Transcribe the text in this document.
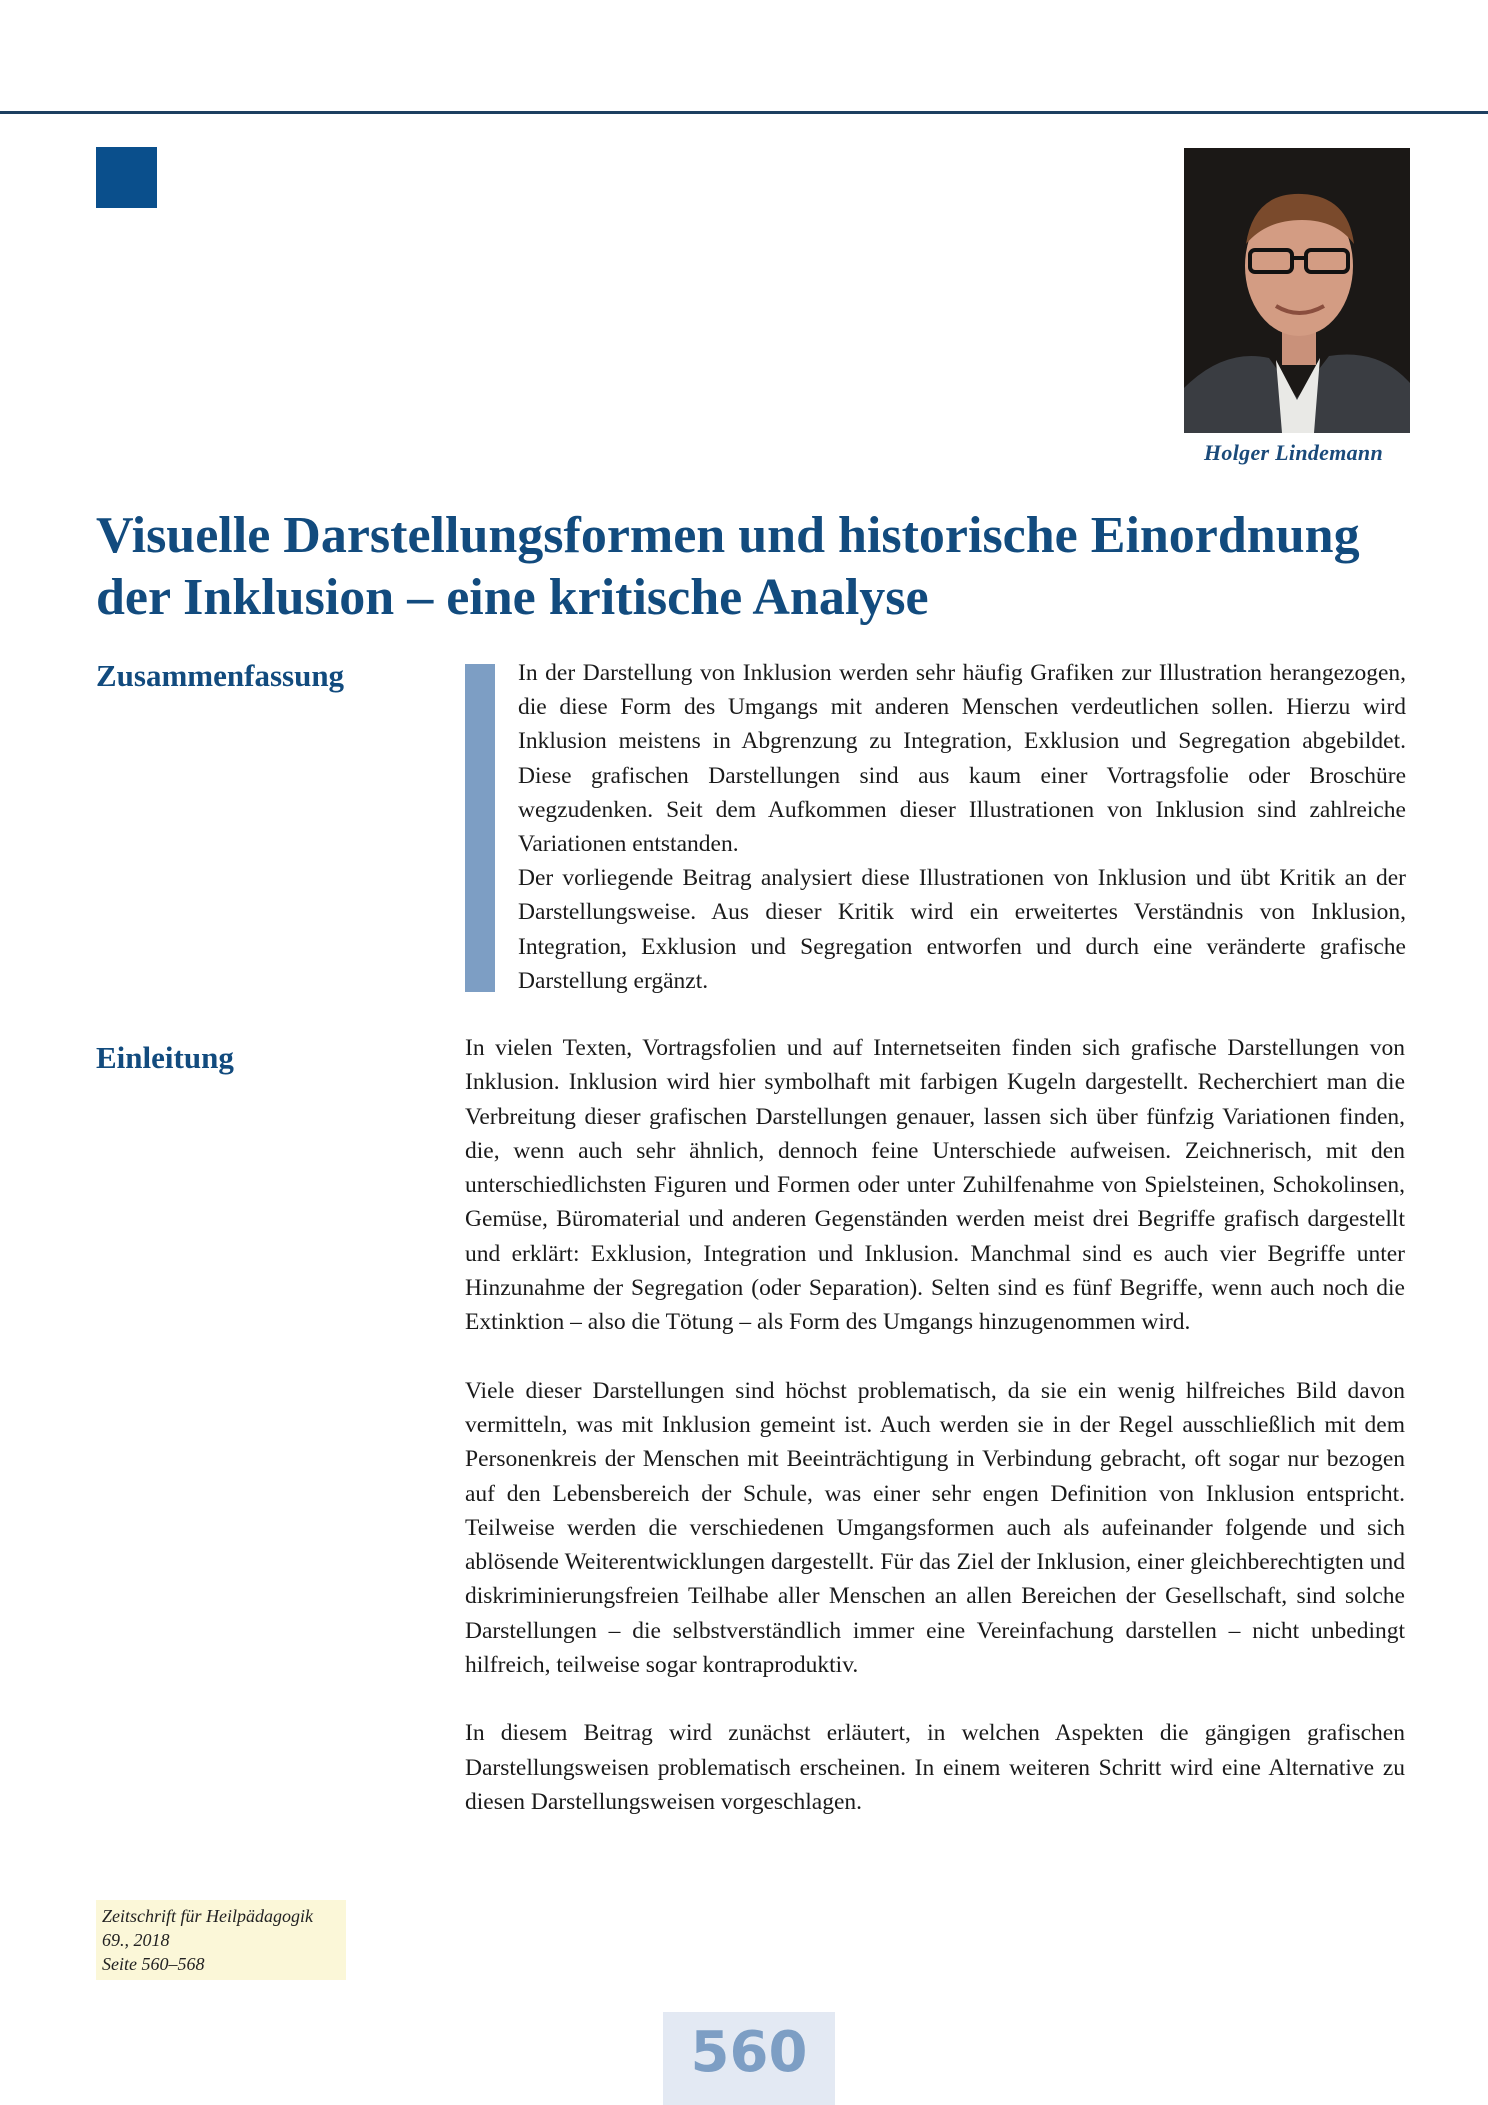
Holger Lindemann

Visuelle Darstellungsformen und historische Einordnung
der Inklusion – eine kritische Analyse
Zusammenfassung	In der Darstellung von Inklusion werden sehr häufig Grafiken zur Illustration herangezogen, die diese Form des Umgangs mit anderen Menschen verdeutlichen sollen. Hierzu wird Inklusion meistens in Abgrenzung zu Integration, Exklusion und Segregation abgebildet. Diese grafischen Darstellungen sind aus kaum einer Vortragsfolie oder Broschüre wegzudenken. Seit dem Aufkommen dieser Illustrationen von Inklusion sind zahlreiche Variationen entstanden.

Der vorliegende Beitrag analysiert diese Illustrationen von Inklusion und übt Kritik an der Darstellungsweise. Aus dieser Kritik wird ein erweitertes Verständnis von Inklusion, Integration, Exklusion und Segregation entworfen und durch eine veränderte grafische Darstellung ergänzt.

Einleitung	In vielen Texten, Vortragsfolien und auf Internetseiten finden sich grafische Darstellungen von Inklusion. Inklusion wird hier symbolhaft mit farbigen Kugeln dargestellt. Recherchiert man die Verbreitung dieser grafischen Darstellungen genauer, lassen sich über fünfzig Variationen finden, die, wenn auch sehr ähnlich, dennoch feine Unterschiede aufweisen. Zeichnerisch, mit den unterschiedlichsten Figuren und Formen oder unter Zuhilfenahme von Spielsteinen, Schokolinsen, Gemüse, Büromaterial und anderen Gegenständen werden meist drei Begriffe grafisch dargestellt und erklärt: Exklusion, Integration und Inklusion. Manchmal sind es auch vier Begriffe unter Hinzunahme der Segregation (oder Separation). Selten sind es fünf Begriffe, wenn auch noch die Extinktion – also die Tötung – als Form des Umgangs hinzugenommen wird.

Viele dieser Darstellungen sind höchst problematisch, da sie ein wenig hilfreiches Bild davon vermitteln, was mit Inklusion gemeint ist. Auch werden sie in der Regel ausschließlich mit dem Personenkreis der Menschen mit Beeinträchtigung in Verbindung gebracht, oft sogar nur bezogen auf den Lebensbereich der Schule, was einer sehr engen Definition von Inklusion entspricht. Teilweise werden die verschiedenen Umgangsformen auch als aufeinander folgende und sich ablösende Weiterentwicklungen dargestellt. Für das Ziel der Inklusion, einer gleichberechtigten und diskriminierungsfreien Teilhabe aller Menschen an allen Bereichen der Gesellschaft, sind solche Darstellungen – die selbstverständlich immer eine Vereinfachung darstellen – nicht unbedingt hilfreich, teilweise sogar kontraproduktiv.

In diesem Beitrag wird zunächst erläutert, in welchen Aspekten die gängigen grafischen Darstellungsweisen problematisch erscheinen. In einem weiteren Schritt wird eine Alternative zu diesen Darstellungsweisen vorgeschlagen.

Zeitschrift für Heilpädagogik
69., 2018
Seite 560–568
560
